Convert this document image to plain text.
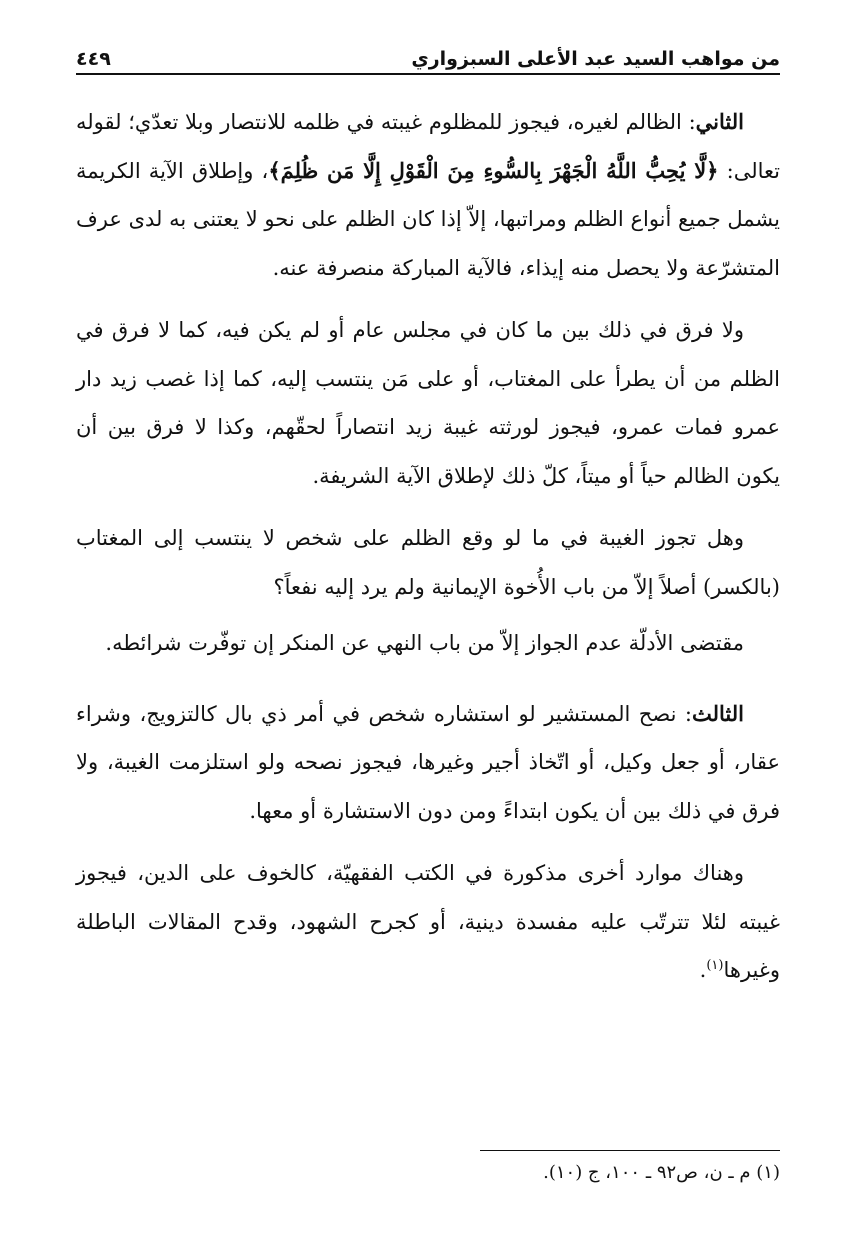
من مواهب السيد عبد الأعلى السبزواري
٤٤٩

الثاني: الظالم لغيره، فيجوز للمظلوم غيبته في ظلمه للانتصار وبلا تعدّي؛ لقوله تعالى: ﴿لَّا يُحِبُّ اللَّهُ الْجَهْرَ بِالسُّوءِ مِنَ الْقَوْلِ إِلَّا مَن ظُلِمَ﴾، وإطلاق الآية الكريمة يشمل جميع أنواع الظلم ومراتبها، إلاّ إذا كان الظلم على نحو لا يعتنى به لدى عرف المتشرّعة ولا يحصل منه إيذاء، فالآية المباركة منصرفة عنه.

ولا فرق في ذلك بين ما كان في مجلس عام أو لم يكن فيه، كما لا فرق في الظلم من أن يطرأ على المغتاب، أو على مَن ينتسب إليه، كما إذا غصب زيد دار عمرو فمات عمرو، فيجوز لورثته غيبة زيد انتصاراً لحقّهم، وكذا لا فرق بين أن يكون الظالم حياً أو ميتاً، كلّ ذلك لإطلاق الآية الشريفة.

وهل تجوز الغيبة في ما لو وقع الظلم على شخص لا ينتسب إلى المغتاب (بالكسر) أصلاً إلاّ من باب الأُخوة الإيمانية ولم يرد إليه نفعاً؟

مقتضى الأدلّة عدم الجواز إلاّ من باب النهي عن المنكر إن توفّرت شرائطه.

الثالث: نصح المستشير لو استشاره شخص في أمر ذي بال كالتزويج، وشراء عقار، أو جعل وكيل، أو اتّخاذ أجير وغيرها، فيجوز نصحه ولو استلزمت الغيبة، ولا فرق في ذلك بين أن يكون ابتداءً ومن دون الاستشارة أو معها.

وهناك موارد أخرى مذكورة في الكتب الفقهيّة، كالخوف على الدين، فيجوز غيبته لئلا تترتّب عليه مفسدة دينية، أو كجرح الشهود، وقدح المقالات الباطلة وغيرها$^{(١)}$.

(١) م ـ ن، ص٩٢ ـ ١٠٠، ج (١٠).
